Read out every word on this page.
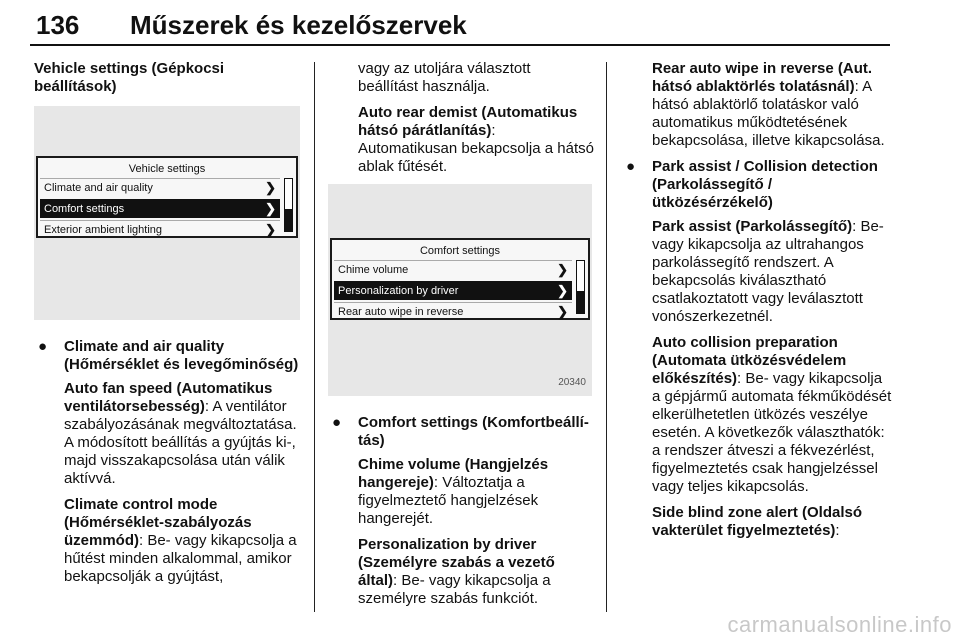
136 Műszerek és kezelőszervek
Vehicle settings (Gépkocsi
beállítások)
Vehicle settings
Climate and air quality	❯
Comfort settings	❯
Exterior ambient lighting	❯
● Climate and air quality
(Hőmérséklet és levegőminőség)

Auto fan speed (Automatikus
ventilátorsebesség): A ventilátor szabályozásának megváltoztatása. A módosított beállítás a gyújtás ki-, majd visszakapcsolása után válik aktívvá.

Climate control mode
(Hőmérséklet-szabályozás
üzemmód): Be- vagy kikapcsolja a hűtést minden alkalommal, amikor bekapcsolják a gyújtást,

vagy az utoljára választott beállítást használja.

Auto rear demist (Automatikus
hátsó párátlanítás): Automatikusan bekapcsolja a hátsó ablak fűtését.

Comfort settings
Chime volume	❯
Personalization by driver	❯
Rear auto wipe in reverse	❯
20340
● Comfort settings (Komfortbeállí-
tás)

Chime volume (Hangjelzés
hangereje): Változtatja a figyelmeztető hangjelzések hangerejét.

Personalization by driver
(Személyre szabás a vezető
által): Be- vagy kikapcsolja a személyre szabás funkciót.

Rear auto wipe in reverse (Aut.
hátsó ablaktörlés tolatásnál): A hátsó ablaktörlő tolatáskor való automatikus működtetésének bekapcsolása, illetve kikapcsolása.

● Park assist / Collision detection
(Parkolássegítő /
ütközésérzékelő)

Park assist (Parkolássegítő): Be- vagy kikapcsolja az ultrahangos parkolássegítő rendszert. A bekapcsolás kiválasztható csatlakoztatott vagy leválasztott vonószerkezetnél.

Auto collision preparation
(Automata ütközésvédelem
előkészítés): Be- vagy kikapcsolja a gépjármű automata fékműködését elkerülhetetlen ütközés veszélye esetén. A következők választhatók: a rendszer átveszi a fékvezérlést, figyelmeztetés csak hangjelzéssel vagy teljes kikapcsolás.

Side blind zone alert (Oldalsó
vakterület figyelmeztetés):

carmanualsonline.info
